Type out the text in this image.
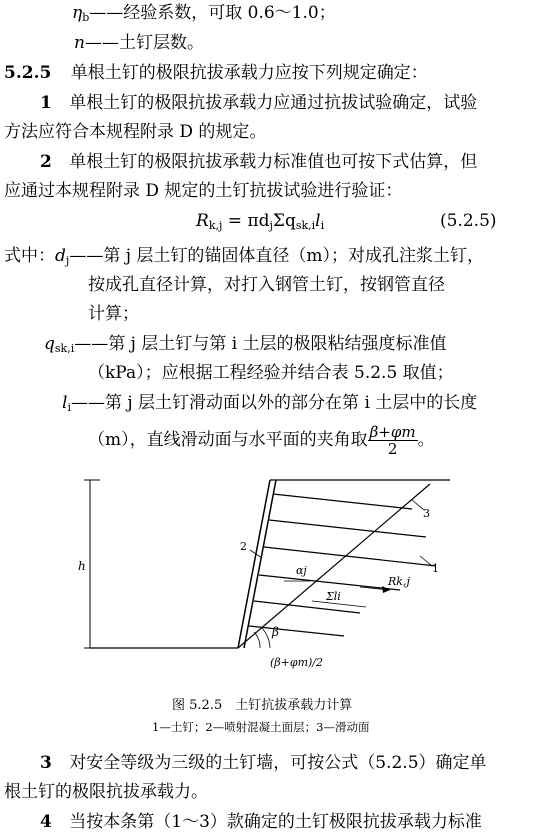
$\eta_b——$经验系数，可取 0.6～1.0；
n——土钉层数。
5.2.5 单根土钉的极限抗拔承载力应按下列规定确定：
1 单根土钉的极限抗拔承载力应通过抗拔试验确定，试验
方法应符合本规程附录 D 的规定。
2 单根土钉的极限抗拔承载力标准值也可按下式估算，但
应通过本规程附录 D 规定的土钉抗拔试验进行验证：
$R_{k,j} = \pi d_j\Sigma q_{sk,i}l_i$	(5.2.5)
式中：$d_j——$第 j 层土钉的锚固体直径（m）；对成孔注浆土钉，
按成孔直径计算，对打入钢管土钉，按钢管直径
计算；
$q_{sk,i}——$第 j 层土钉与第 i 土层的极限粘结强度标准值
（kPa）；应根据工程经验并结合表 5.2.5 取值；
$l_i——$第 j 层土钉滑动面以外的部分在第 i 土层中的长度
（m），直线滑动面与水平面的夹角取 $\frac{\beta+\varphi m}{2}$ 。
h
3
1
2
αj
Σli
Rk,j
β
(β+φm)/2
图 5.2.5　土钉抗拔承载力计算
1—土钉；2—喷射混凝土面层；3—滑动面
3 对安全等级为三级的土钉墙，可按公式（5.2.5）确定单
根土钉的极限抗拔承载力。
4 当按本条第（1～3）款确定的土钉极限抗拔承载力标准
